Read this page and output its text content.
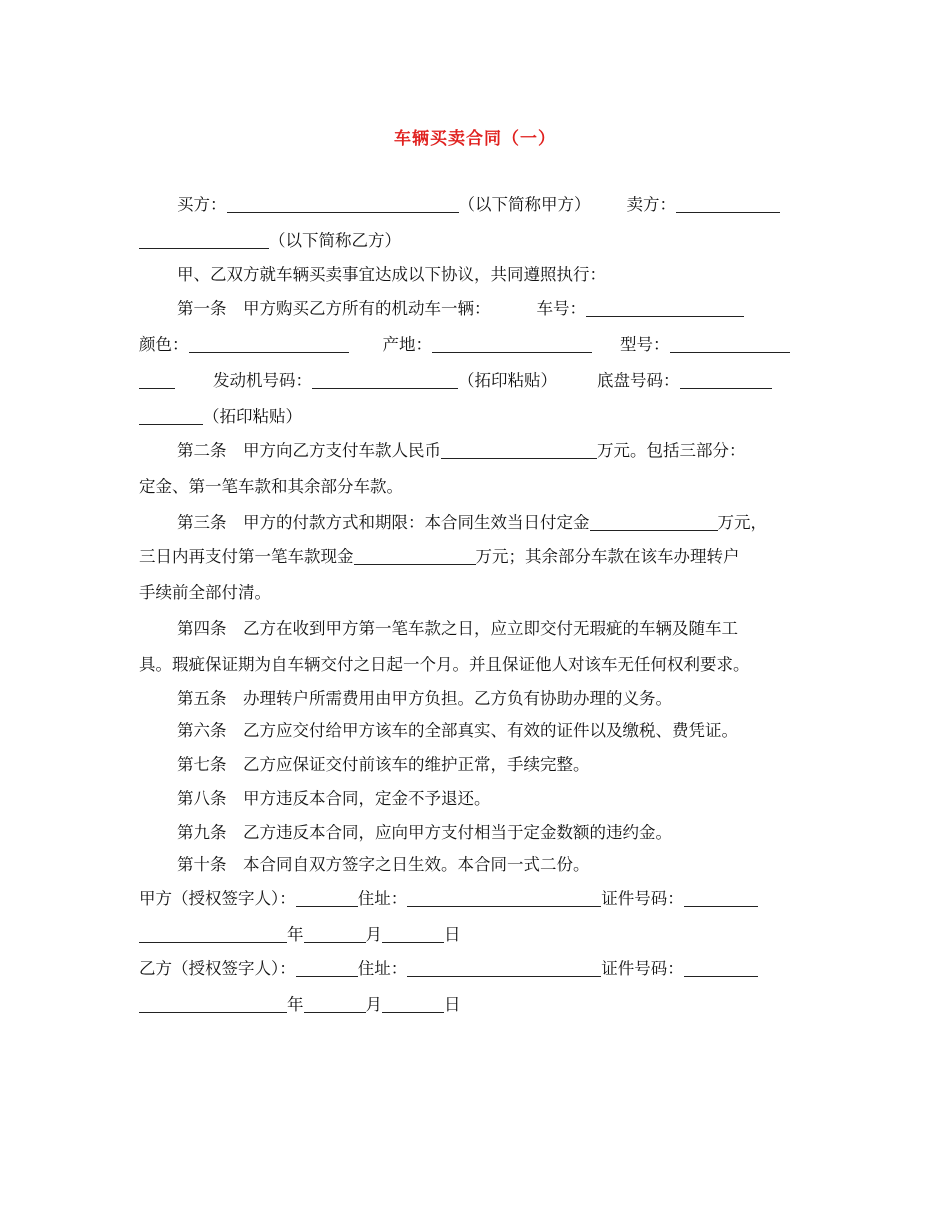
车辆买卖合同（一）
买方：	（以下简称甲方） 卖方：
（以下简称乙方）
甲、乙双方就车辆买卖事宜达成以下协议，共同遵照执行：
第一条　甲方购买乙方所有的机动车一辆：	车号：
颜色：	产地：	型号：
发动机号码：	（拓印粘贴） 底盘号码：
（拓印粘贴）
第二条　甲方向乙方支付车款人民币	万元。包括三部分：
定金、第一笔车款和其余部分车款。
第三条　甲方的付款方式和期限：本合同生效当日付定金	万元，
三日内再支付第一笔车款现金	万元；其余部分车款在该车办理转户
手续前全部付清。
第四条　乙方在收到甲方第一笔车款之日，应立即交付无瑕疵的车辆及随车工
具。瑕疵保证期为自车辆交付之日起一个月。并且保证他人对该车无任何权利要求。
第五条　办理转户所需费用由甲方负担。乙方负有协助办理的义务。
第六条　乙方应交付给甲方该车的全部真实、有效的证件以及缴税、费凭证。
第七条　乙方应保证交付前该车的维护正常，手续完整。
第八条　甲方违反本合同，定金不予退还。
第九条　乙方违反本合同，应向甲方支付相当于定金数额的违约金。
第十条　本合同自双方签字之日生效。本合同一式二份。
甲方（授权签字人）：	住址：	证件号码：
年	月	日
乙方（授权签字人）：	住址：	证件号码：
年	月	日
